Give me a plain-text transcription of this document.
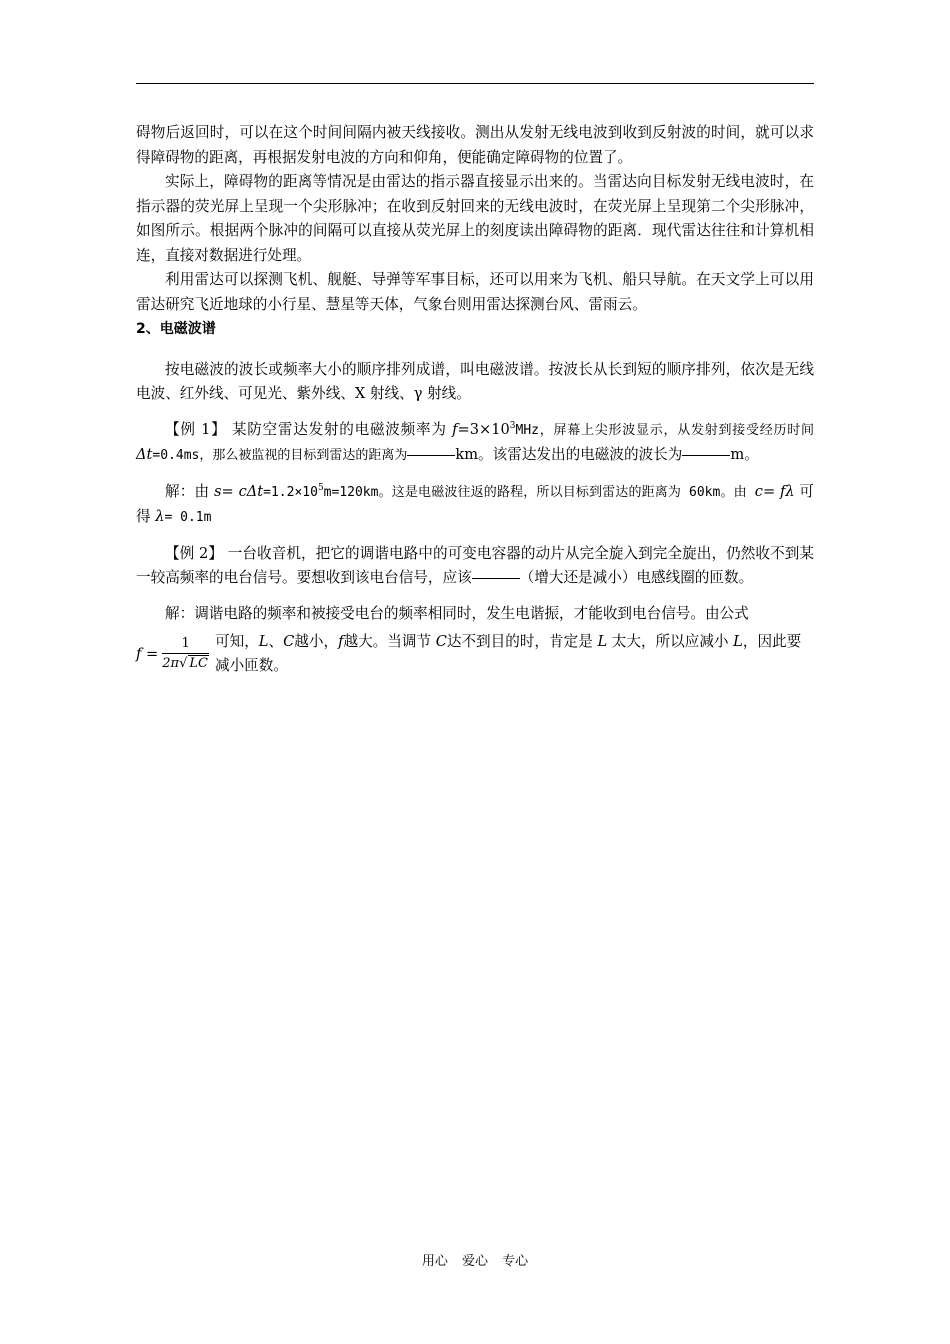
碍物后返回时，可以在这个时间间隔内被天线接收。测出从发射无线电波到收到反射波的时间，就可以求得障碍物的距离，再根据发射电波的方向和仰角，便能确定障碍物的位置了。

实际上，障碍物的距离等情况是由雷达的指示器直接显示出来的。当雷达向目标发射无线电波时，在指示器的荧光屏上呈现一个尖形脉冲；在收到反射回来的无线电波时，在荧光屏上呈现第二个尖形脉冲，如图所示。根据两个脉冲的间隔可以直接从荧光屏上的刻度读出障碍物的距离．现代雷达往往和计算机相连，直接对数据进行处理。

利用雷达可以探测飞机、舰艇、导弹等军事目标，还可以用来为飞机、船只导航。在天文学上可以用雷达研究飞近地球的小行星、慧星等天体，气象台则用雷达探测台风、雷雨云。

2、电磁波谱

按电磁波的波长或频率大小的顺序排列成谱，叫电磁波谱。按波长从长到短的顺序排列，依次是无线电波、红外线、可见光、紫外线、X 射线、γ 射线。

【例 1】 某防空雷达发射的电磁波频率为 $f=3\times 10^3MHz$，屏幕上尖形波显示，从发射到接受经历时间 Δt=0.4ms，那么被监视的目标到雷达的距离为	km。该雷达发出的电磁波的波长为	m。

解：由 $s= c\Delta t=1.2\times 10^5m=120km$。这是电磁波往返的路程，所以目标到雷达的距离为 60km。由 c= fλ 可得 λ= 0.1m

【例 2】 一台收音机，把它的调谐电路中的可变电容器的动片从完全旋入到完全旋出，仍然收不到某一较高频率的电台信号。要想收到该电台信号，应该	（增大还是减小）电感线圈的匝数。

解：调谐电路的频率和被接受电台的频率相同时，发生电谐振，才能收到电台信号。由公式

$f = \frac{1}{2\pi√ LC}$ 可知，L、C越小，f越大。当调节 C达不到目的时，肯定是 L 太大，所以应减小 L，因此要减小匝数。
用心 爱心 专心
